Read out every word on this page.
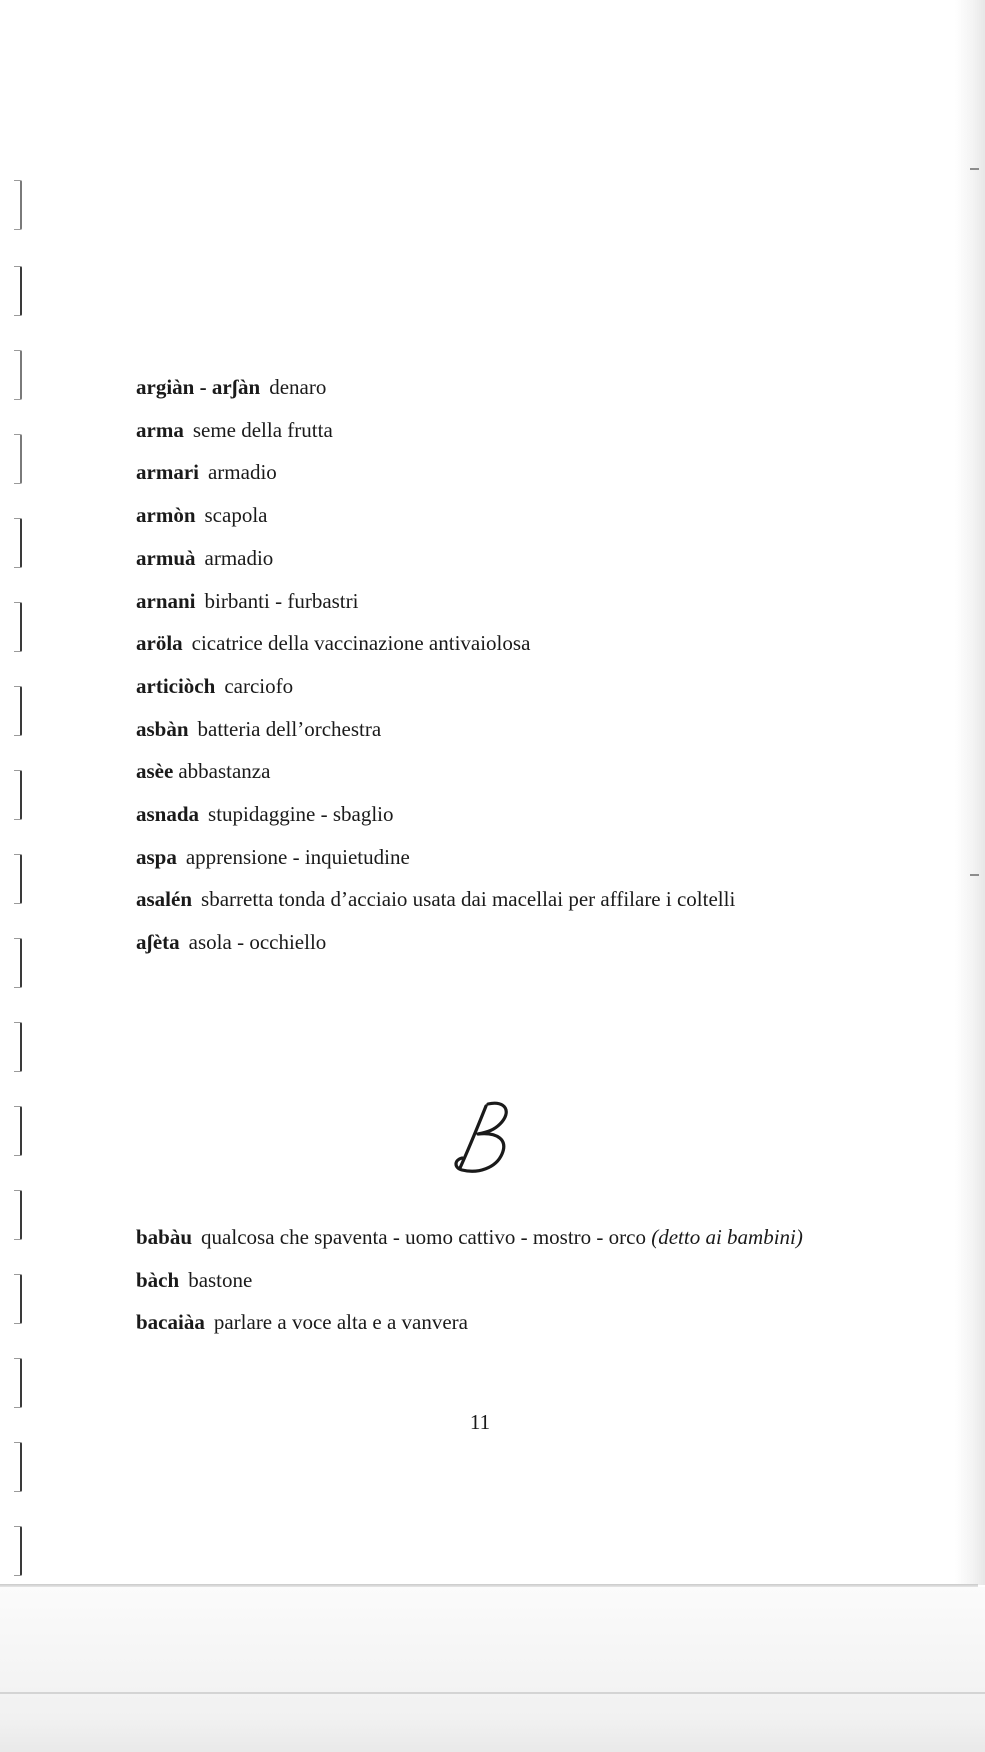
argiàn - arʃàn denaro

arma seme della frutta

armari armadio

armòn scapola

armuà armadio

arnani birbanti - furbastri

aröla cicatrice della vaccinazione antivaiolosa

articiòch carciofo

asbàn batteria dell’orchestra

asèe abbastanza

asnada stupidaggine - sbaglio

aspa apprensione - inquietudine

asalén sbarretta tonda d’acciaio usata dai macellai per affilare i coltelli

aʃèta asola - occhiello

babàu qualcosa che spaventa - uomo cattivo - mostro - orco (detto ai bambini)

bàch bastone

bacaiàa parlare a voce alta e a vanvera

11
